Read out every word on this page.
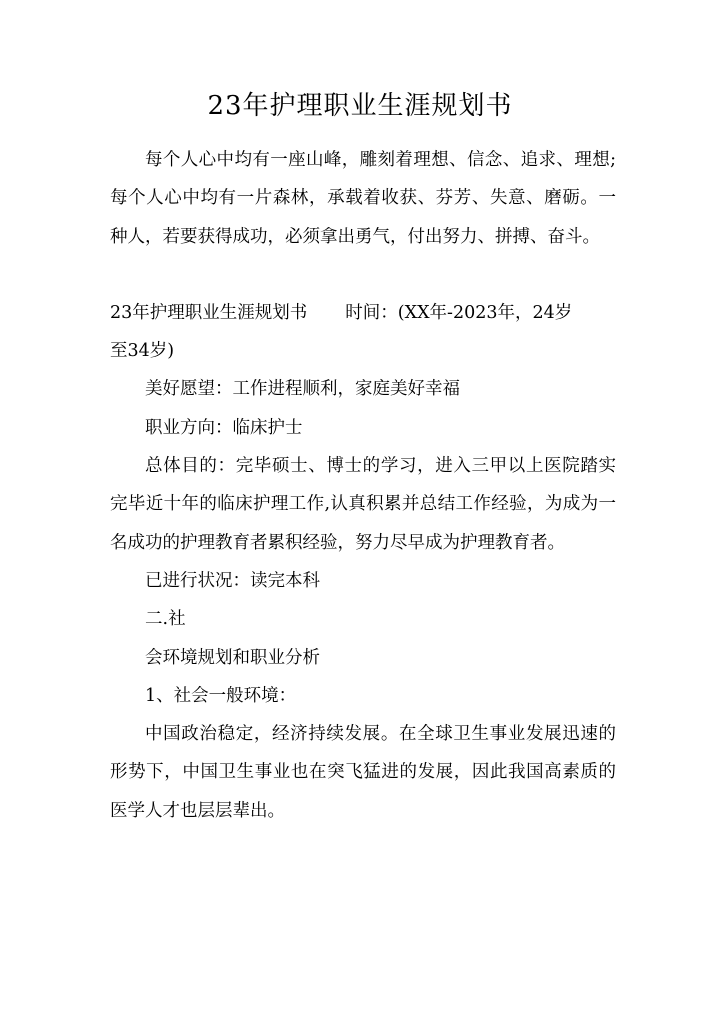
23年护理职业生涯规划书

每个人心中均有一座山峰，雕刻着理想、信念、追求、理想;每个人心中均有一片森林，承载着收获、芬芳、失意、磨砺。一种人，若要获得成功，必须拿出勇气，付出努力、拼搏、奋斗。

23年护理职业生涯规划书 时间：(XX年-2023年，24岁

至34岁)

美好愿望：工作进程顺利，家庭美好幸福

职业方向：临床护士

总体目的：完毕硕士、博士的学习，进入三甲以上医院踏实完毕近十年的临床护理工作,认真积累并总结工作经验，为成为一名成功的护理教育者累积经验，努力尽早成为护理教育者。

已进行状况：读完本科

二.社

会环境规划和职业分析

1、社会一般环境：

中国政治稳定，经济持续发展。在全球卫生事业发展迅速的形势下，中国卫生事业也在突飞猛进的发展，因此我国高素质的医学人才也层层辈出。
